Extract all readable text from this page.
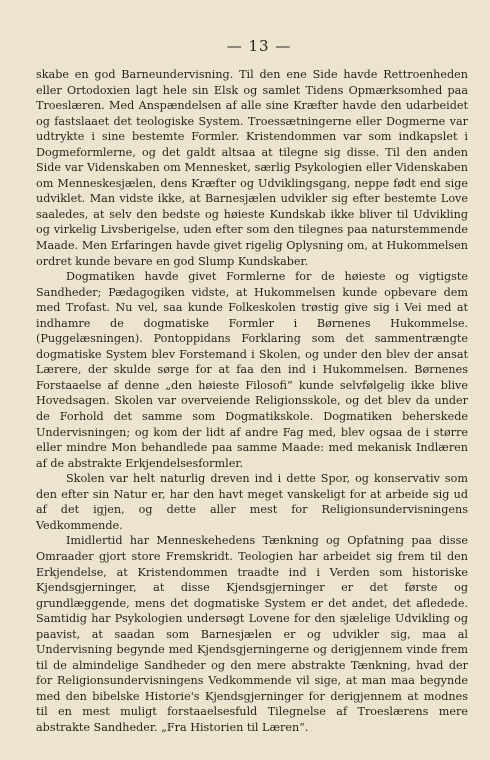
— 13 —

skabe en god Barneundervisning. Til den ene Side havde Rettroenheden eller Ortodoxien lagt hele sin Elsk og samlet Tidens Opmærksomhed paa Troeslæren. Med Anspændelsen af alle sine Kræfter havde den udarbeidet og fastslaaet det teologiske System. Troessætningerne eller Dogmerne var udtrykte i sine bestemte Formler. Kristendommen var som indkapslet i Dogmeformlerne, og det galdt altsaa at tilegne sig disse. Til den anden Side var Videnskaben om Mennesket, særlig Psykologien eller Videnskaben om Menneskesjælen, dens Kræfter og Udviklingsgang, neppe født end sige udviklet. Man vidste ikke, at Barnesjælen udvikler sig efter bestemte Love saaledes, at selv den bedste og høieste Kundskab ikke bliver til Udvikling og virkelig Livsberigelse, uden efter som den tilegnes paa naturstemmende Maade. Men Erfaringen havde givet rigelig Oplysning om, at Hukommelsen ordret kunde bevare en god Slump Kundskaber.

Dogmatiken havde givet Formlerne for de høieste og vigtigste Sandheder; Pædagogiken vidste, at Hukommelsen kunde opbevare dem med Trofast. Nu vel, saa kunde Folkeskolen trøstig give sig i Vei med at indhamre de dogmatiske Formler i Børnenes Hukommelse. (Puggelæsningen). Pontoppidans Forklaring som det sammentrængte dogmatiske System blev Forstemand i Skolen, og under den blev der ansat Lærere, der skulde sørge for at faa den ind i Hukommelsen. Børnenes Forstaaelse af denne „den høieste Filosofi“ kunde selvfølgelig ikke blive Hovedsagen. Skolen var overveiende Religionsskole, og det blev da under de Forhold det samme som Dogmatikskole. Dogmatiken beherskede Undervisningen; og kom der lidt af andre Fag med, blev ogsaa de i større eller mindre Mon behandlede paa samme Maade: med mekanisk Indlæren af de abstrakte Erkjendelsesformler.

Skolen var helt naturlig dreven ind i dette Spor, og konservativ som den efter sin Natur er, har den havt meget vanskeligt for at arbeide sig ud af det igjen, og dette aller mest for Religionsundervisningens Vedkommende.

Imidlertid har Menneskehedens Tænkning og Opfatning paa disse Omraader gjort store Fremskridt. Teologien har arbeidet sig frem til den Erkjendelse, at Kristendommen traadte ind i Verden som historiske Kjendsgjerninger, at disse Kjendsgjerninger er det første og grundlæggende, mens det dogmatiske System er det andet, det afledede. Samtidig har Psykologien undersøgt Lovene for den sjælelige Udvikling og paavist, at saadan som Barnesjælen er og udvikler sig, maa al Undervisning begynde med Kjendsgjerningerne og derigjennem vinde frem til de almindelige Sandheder og den mere abstrakte Tænkning, hvad der for Religionsundervisningens Vedkommende vil sige, at man maa begynde med den bibelske Historie's Kjendsgjerninger for derigjennem at modnes til en mest muligt forstaaelsesfuld Tilegnelse af Troeslærens mere abstrakte Sandheder. „Fra Historien til Læren“.
